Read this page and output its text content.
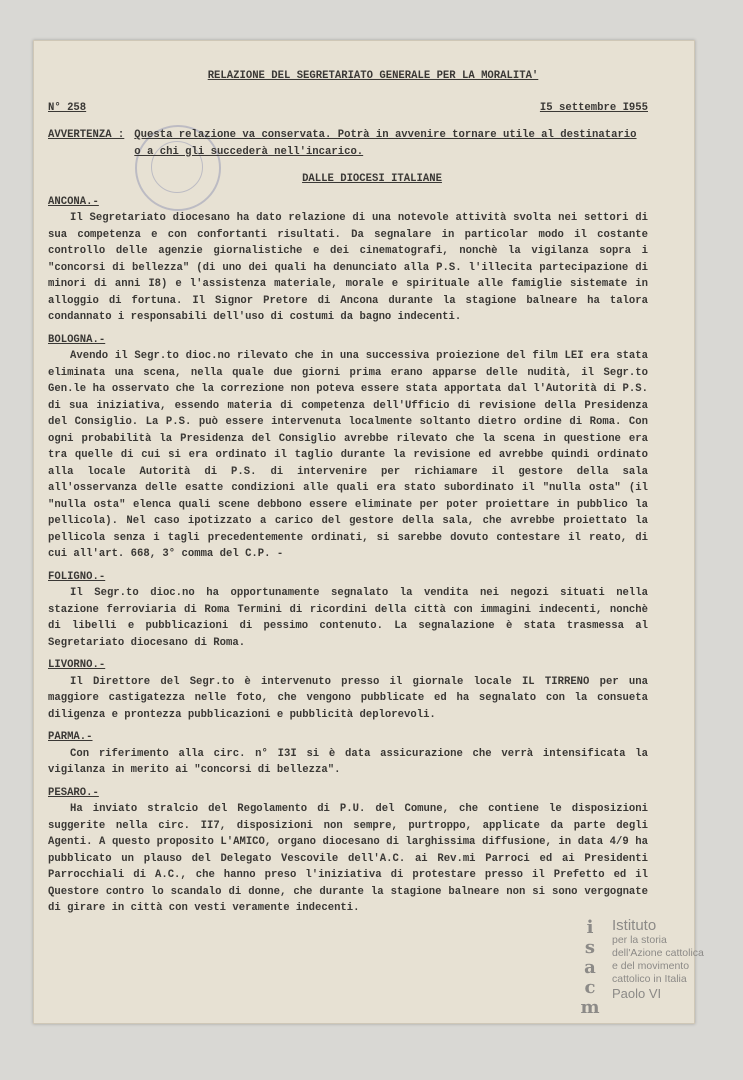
RELAZIONE DEL SEGRETARIATO GENERALE PER LA MORALITA'
N° 258	I5 settembre I955
AVVERTENZA : Questa relazione va conservata. Potrà in avvenire tornare utile al destinatario o a chi gli succederà nell'incarico.
DALLE DIOCESI ITALIANE
ANCONA.-

Il Segretariato diocesano ha dato relazione di una notevole attività svolta nei settori di sua competenza e con confortanti risultati. Da segnalare in particolar modo il costante controllo delle agenzie giornalistiche e dei cinematografi, nonchè la vigilanza sopra i "concorsi di bellezza" (di uno dei quali ha denunciato alla P.S. l'illecita partecipazione di minori di anni I8) e l'assistenza materiale, morale e spirituale alle famiglie sistemate in alloggio di fortuna. Il Signor Pretore di Ancona durante la stagione balneare ha talora condannato i responsabili dell'uso di costumi da bagno indecenti.

BOLOGNA.-

Avendo il Segr.to dioc.no rilevato che in una successiva proiezione del film LEI era stata eliminata una scena, nella quale due giorni prima erano apparse delle nudità, il Segr.to Gen.le ha osservato che la correzione non poteva essere stata apportata dal l'Autorità di P.S. di sua iniziativa, essendo materia di competenza dell'Ufficio di revisione della Presidenza del Consiglio. La P.S. può essere intervenuta localmente soltanto dietro ordine di Roma. Con ogni probabilità la Presidenza del Consiglio avrebbe rilevato che la scena in questione era tra quelle di cui si era ordinato il taglio durante la revisione ed avrebbe quindi ordinato alla locale Autorità di P.S. di intervenire per richiamare il gestore della sala all'osservanza delle esatte condizioni alle quali era stato subordinato il "nulla osta" (il "nulla osta" elenca quali scene debbono essere eliminate per poter proiettare in pubblico la pellicola). Nel caso ipotizzato a carico del gestore della sala, che avrebbe proiettato la pellicola senza i tagli precedentemente ordinati, si sarebbe dovuto contestare il reato, di cui all'art. 668, 3° comma del C.P. -

FOLIGNO.-

Il Segr.to dioc.no ha opportunamente segnalato la vendita nei negozi situati nella stazione ferroviaria di Roma Termini di ricordini della città con immagini indecenti, nonchè di libelli e pubblicazioni di pessimo contenuto. La segnalazione è stata trasmessa al Segretariato diocesano di Roma.

LIVORNO.-

Il Direttore del Segr.to è intervenuto presso il giornale locale IL TIRRENO per una maggiore castigatezza nelle foto, che vengono pubblicate ed ha segnalato con la consueta diligenza e prontezza pubblicazioni e pubblicità deplorevoli.

PARMA.-

Con riferimento alla circ. n° I3I si è data assicurazione che verrà intensificata la vigilanza in merito ai "concorsi di bellezza".

PESARO.-

Ha inviato stralcio del Regolamento di P.U. del Comune, che contiene le disposizioni suggerite nella circ. II7, disposizioni non sempre, purtroppo, applicate da parte degli Agenti. A questo proposito L'AMICO, organo diocesano di larghissima diffusione, in data 4/9 ha pubblicato un plauso del Delegato Vescovile dell'A.C. ai Rev.mi Parroci ed ai Presidenti Parrocchiali di A.C., che hanno preso l'iniziativa di protestare presso il Prefetto ed il Questore contro lo scandalo di donne, che durante la stagione balneare non si sono vergognate di girare in città con vesti veramente indecenti.

i
s
a
c
m
Istituto
per la storia
dell'Azione cattolica
e del movimento
cattolico in Italia
Paolo VI
